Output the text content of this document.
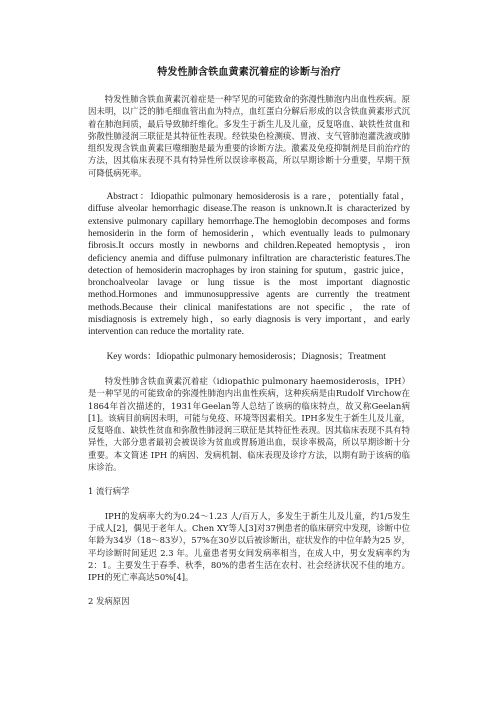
特发性肺含铁血黄素沉着症的诊断与治疗

特发性肺含铁血黄素沉着症是一种罕见的可能致命的弥漫性肺泡内出血性疾病。原因未明，以广泛的肺毛细血管出血为特点，血红蛋白分解后形成的以含铁血黄素形式沉着在肺泡间质，最后导致肺纤维化。多发生于新生儿及儿童，反复咯血、缺铁性贫血和弥散性肺浸润三联征是其特征性表现。经铁染色检测痰、胃液、支气管肺泡灌洗液或肺组织发现含铁血黄素巨噬细胞是最为重要的诊断方法。激素及免疫抑制剂是目前治疗的方法，因其临床表现不具有特异性所以误诊率极高，所以早期诊断十分重要，早期干预可降低病死率。

Abstract：Idiopathic pulmonary hemosiderosis is a rare，potentially fatal，diffuse alveolar hemorrhagic disease.The reason is unknown.It is characterized by extensive pulmonary capillary hemorrhage.The hemoglobin decomposes and forms hemosiderin in the form of hemosiderin，which eventually leads to pulmonary fibrosis.It occurs mostly in newborns and children.Repeated hemoptysis，iron deficiency anemia and diffuse pulmonary infiltration are characteristic features.The detection of hemosiderin macrophages by iron staining for sputum，gastric juice，bronchoalveolar lavage or lung tissue is the most important diagnostic method.Hormones and immunosuppressive agents are currently the treatment methods.Because their clinical manifestations are not specific，the rate of misdiagnosis is extremely high，so early diagnosis is very important，and early intervention can reduce the mortality rate.

Key words：Idiopathic pulmonary hemosiderosis；Diagnosis；Treatment

特发性肺含铁血黄素沉着症（idiopathic pulmonary haemosiderosis，IPH）是一种罕见的可能致命的弥漫性肺泡内出血性疾病，这种疾病是由Rudolf Virchow在1864年首次描述的，1931年Geelan等人总结了该病的临床特点，故又称Geelan病[1]。该病目前病因未明，可能与免疫、环境等因素相关。IPH多发生于新生儿及儿童，反复咯血、缺铁性贫血和弥散性肺浸润三联征是其特征性表现。因其临床表现不具有特异性，大部分患者最初会被误诊为贫血或胃肠道出血，误诊率极高，所以早期诊断十分重要。本文简述 IPH 的病因、发病机制、临床表现及诊疗方法，以期有助于该病的临床诊治。

1 流行病学

IPH的发病率大约为0.24～1.23 人/百万人，多发生于新生儿及儿童，约1/5发生于成人[2]，偶见于老年人。Chen XY等人[3]对37例患者的临床研究中发现，诊断中位年龄为34岁（18～83岁），57%在30岁以后被诊断出，症状发作的中位年龄为25 岁，平均诊断时间延迟 2.3 年。儿童患者男女间发病率相当，在成人中，男女发病率约为 2：1。主要发生于春季、秋季，80%的患者生活在农村、社会经济状况不佳的地方。IPH的死亡率高达50%[4]。

2 发病原因
